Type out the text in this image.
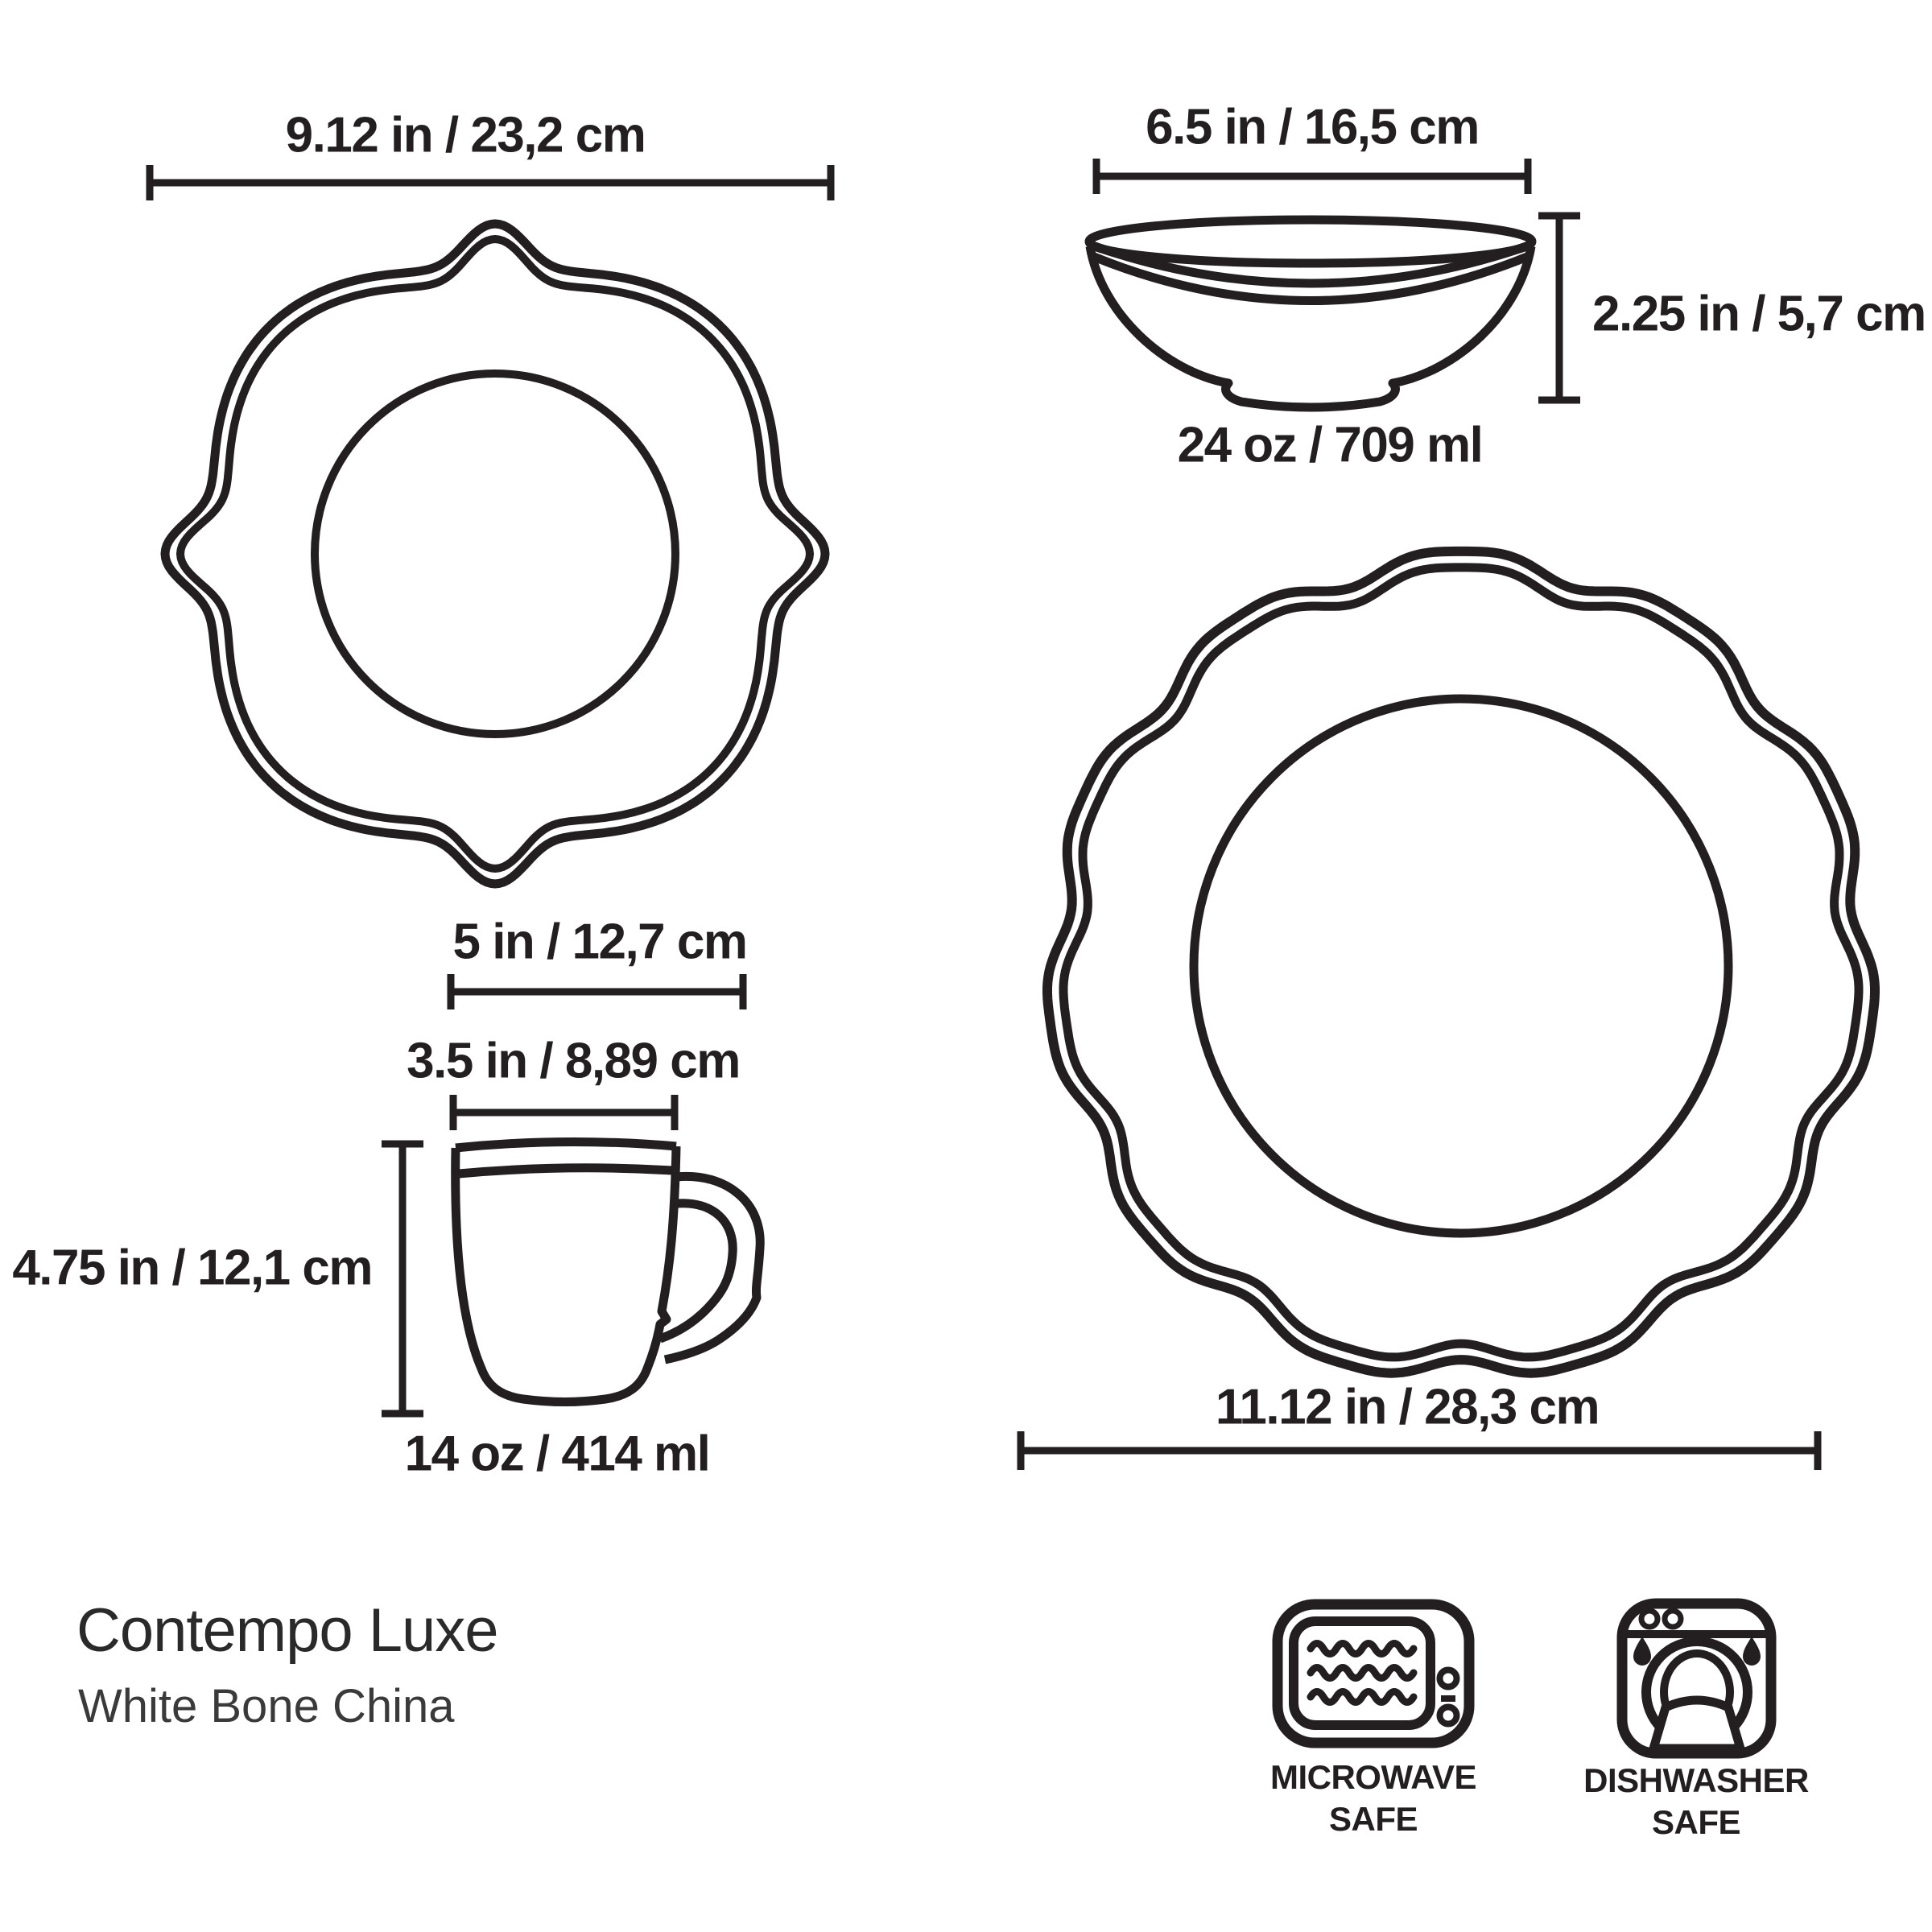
9.12 in / 23,2 cm	6.5 in / 16,5 cm
2.25 in / 5,7 cm
24 oz / 709 ml
11.12 in / 28,3 cm
5 in / 12,7 cm
3.5 in / 8,89 cm
4.75 in / 12,1 cm
14 oz / 414 ml
Contempo Luxe
White Bone China
MICROWAVE
SAFE
DISHWASHER
SAFE
